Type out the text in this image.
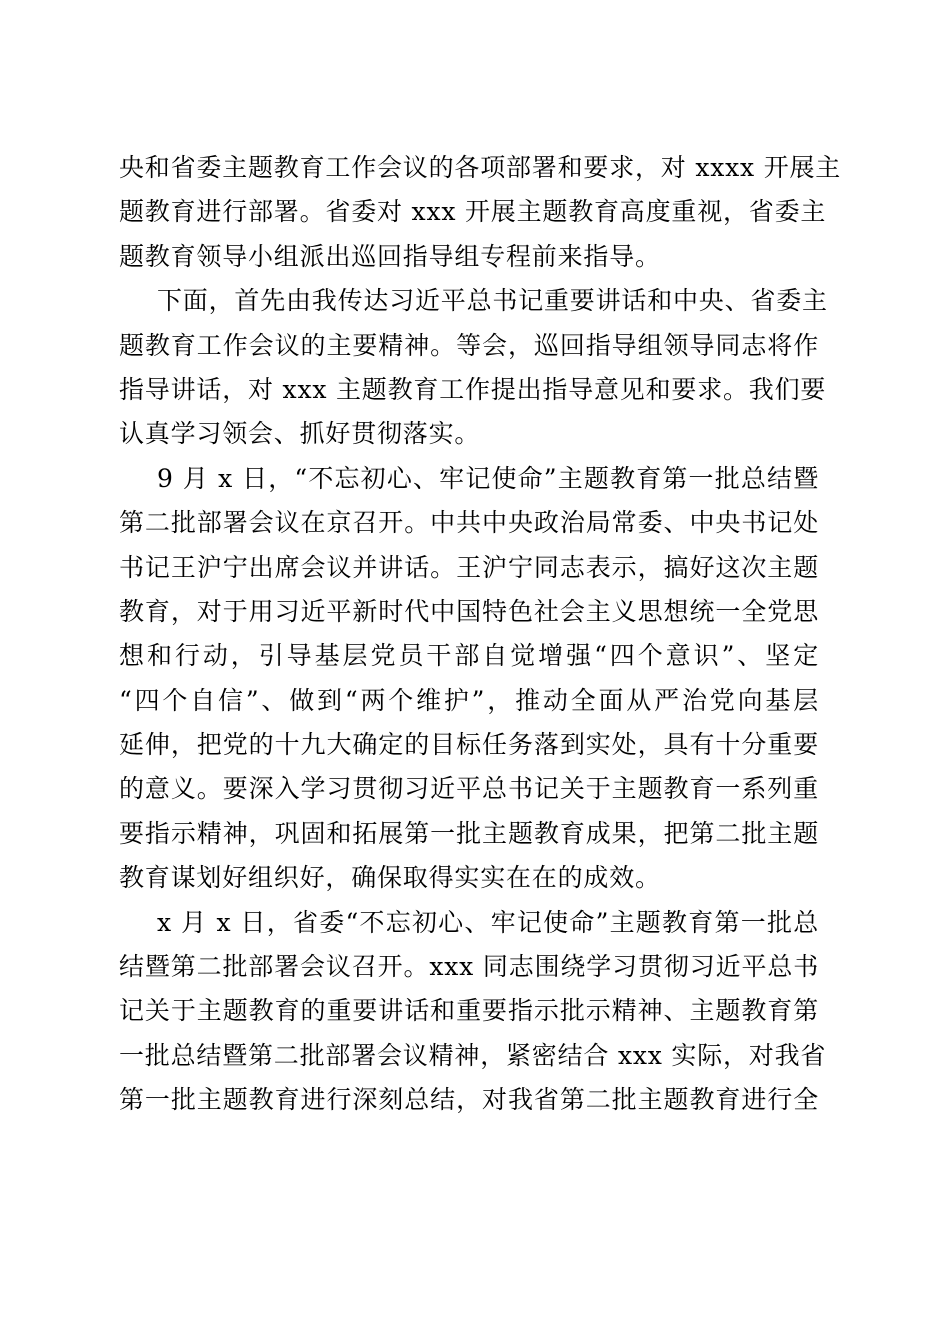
央和省委主题教育工作会议的各项部署和要求，对 xxxx 开展主
题教育进行部署。省委对 xxx 开展主题教育高度重视，省委主
题教育领导小组派出巡回指导组专程前来指导。
下面，首先由我传达习近平总书记重要讲话和中央、省委主
题教育工作会议的主要精神。等会，巡回指导组领导同志将作
指导讲话，对 xxx 主题教育工作提出指导意见和要求。我们要
认真学习领会、抓好贯彻落实。
9 月 x 日，“不忘初心、牢记使命”主题教育第一批总结暨
第二批部署会议在京召开。中共中央政治局常委、中央书记处
书记王沪宁出席会议并讲话。王沪宁同志表示，搞好这次主题
教育，对于用习近平新时代中国特色社会主义思想统一全党思
想和行动，引导基层党员干部自觉增强“四个意识”、坚定
“四个自信”、做到“两个维护”，推动全面从严治党向基层
延伸，把党的十九大确定的目标任务落到实处，具有十分重要
的意义。要深入学习贯彻习近平总书记关于主题教育一系列重
要指示精神，巩固和拓展第一批主题教育成果，把第二批主题
教育谋划好组织好，确保取得实实在在的成效。
x 月 x 日，省委“不忘初心、牢记使命”主题教育第一批总
结暨第二批部署会议召开。xxx 同志围绕学习贯彻习近平总书
记关于主题教育的重要讲话和重要指示批示精神、主题教育第
一批总结暨第二批部署会议精神，紧密结合 xxx 实际，对我省
第一批主题教育进行深刻总结，对我省第二批主题教育进行全
